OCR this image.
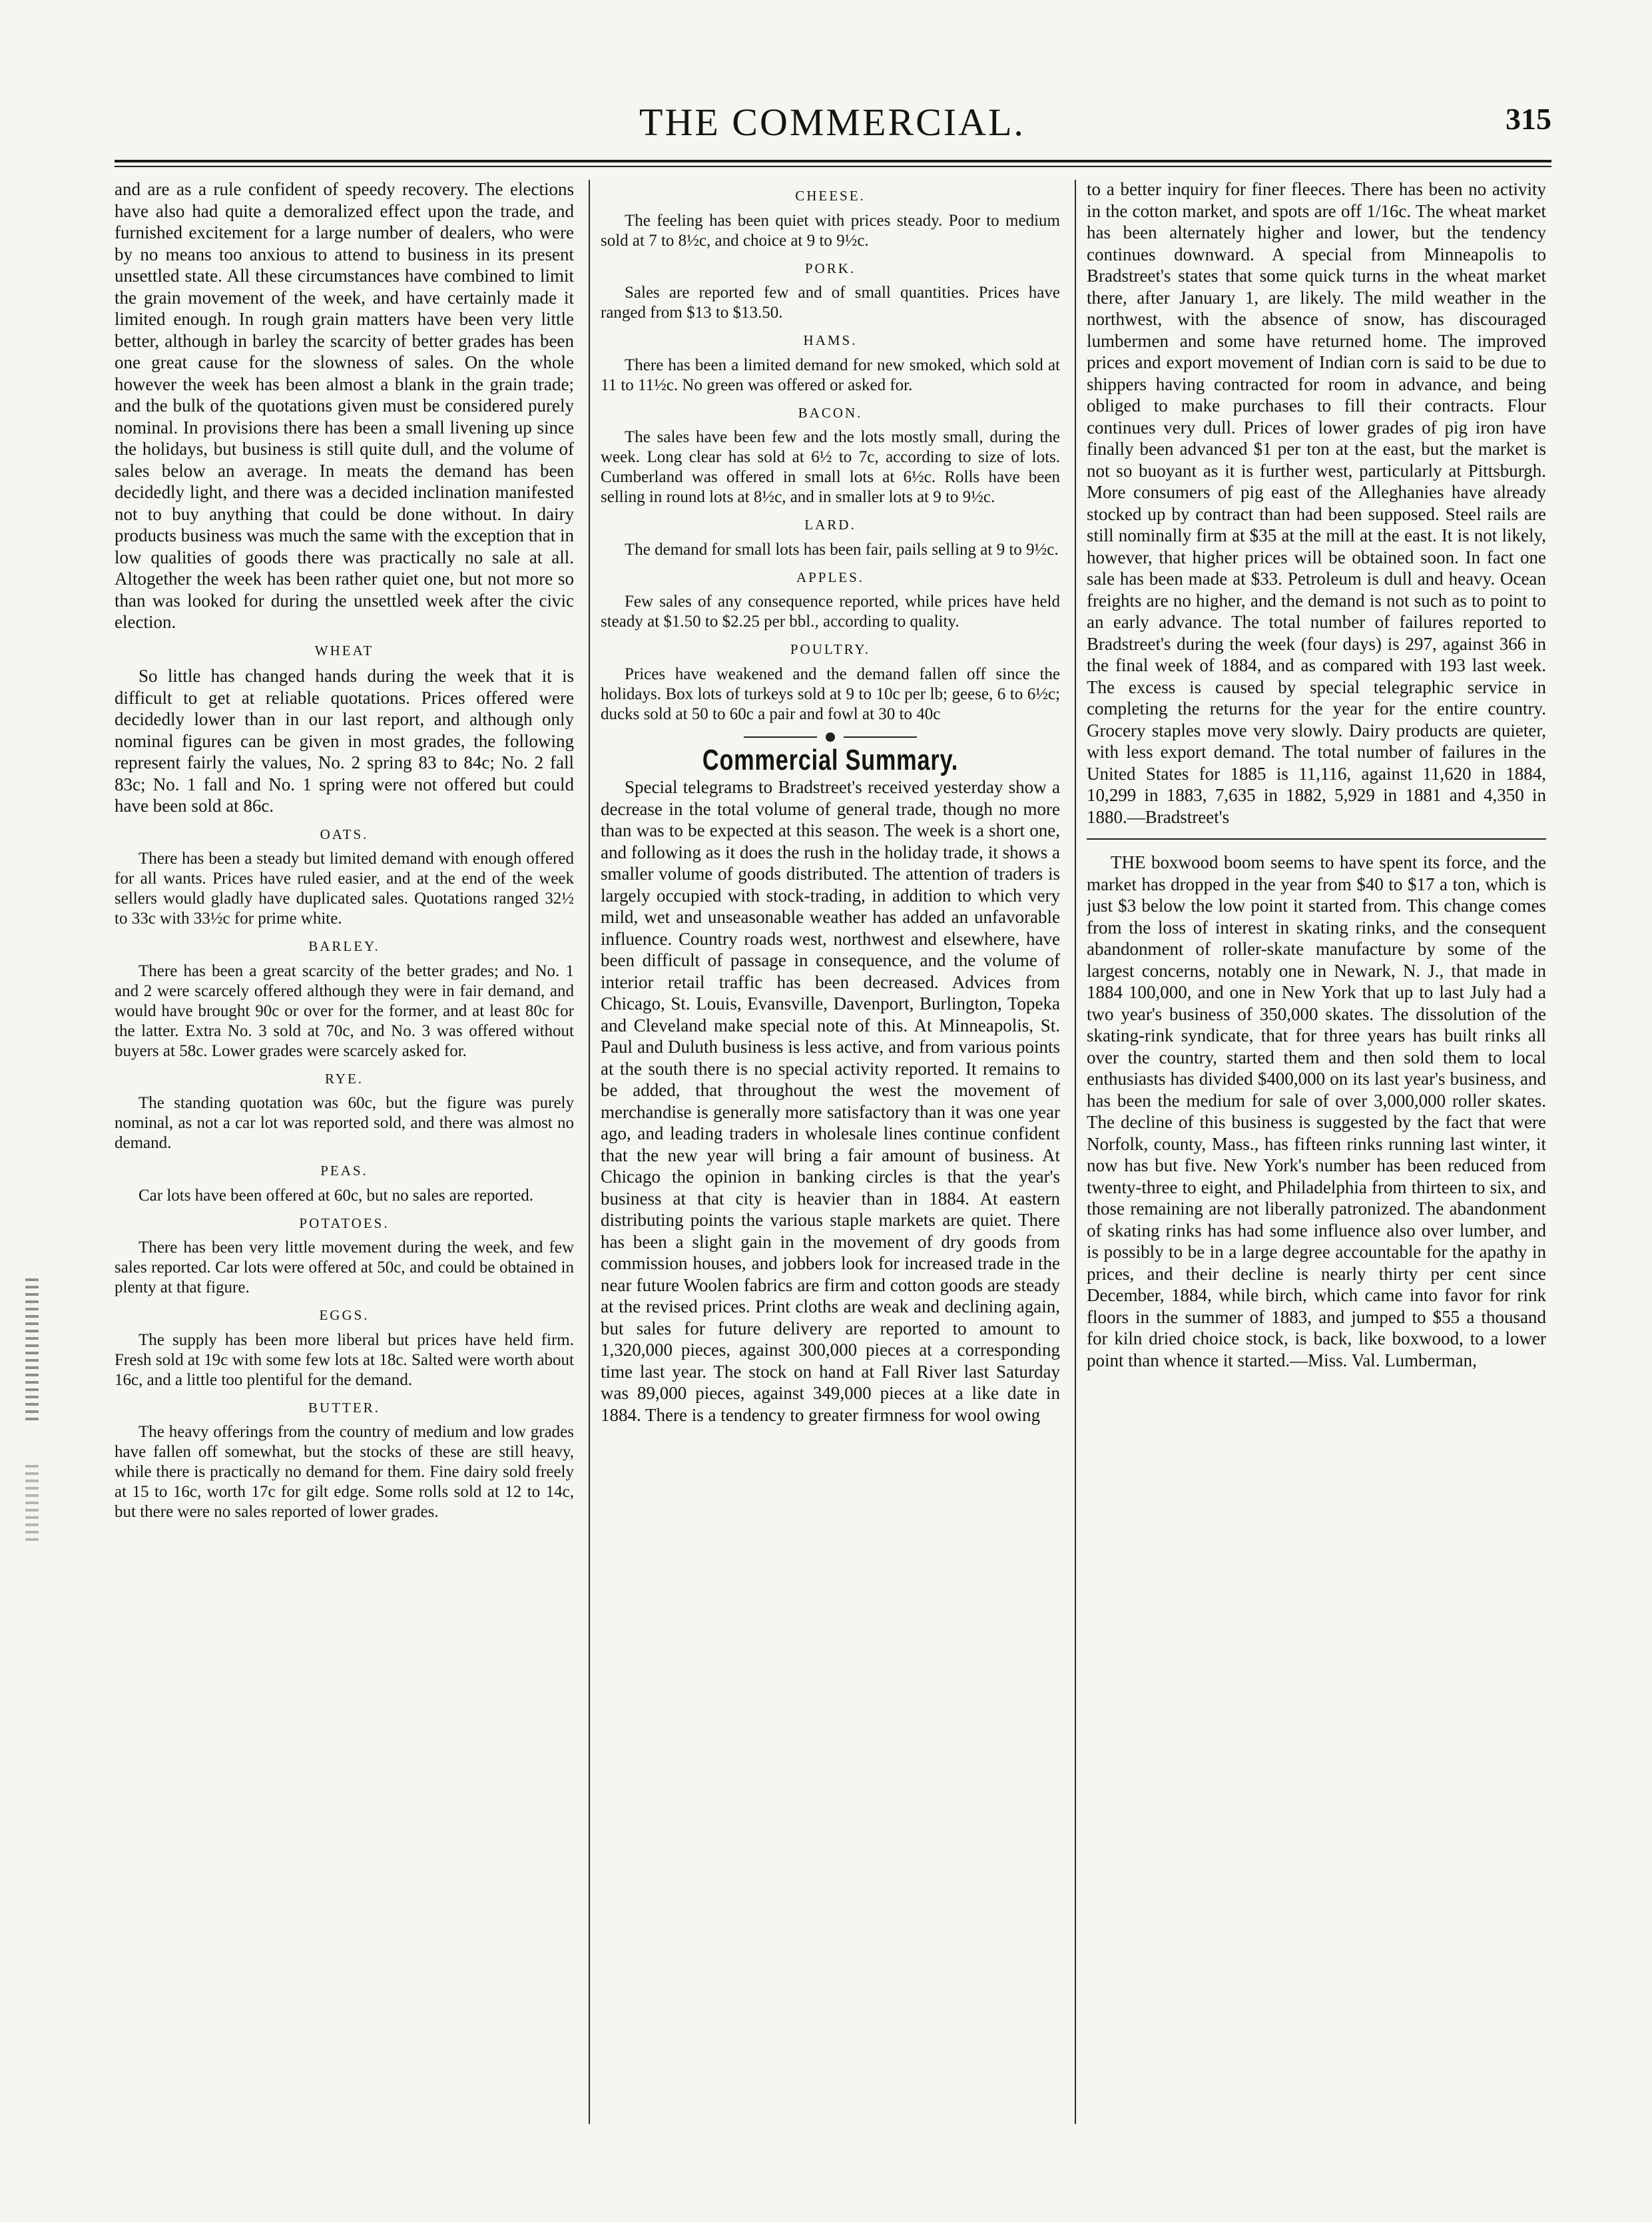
THE COMMERCIAL.	315

and are as a rule confident of speedy recovery. The elections have also had quite a demoralized effect upon the trade, and furnished excitement for a large number of dealers, who were by no means too anxious to attend to business in its present unsettled state. All these circumstances have combined to limit the grain movement of the week, and have certainly made it limited enough. In rough grain matters have been very little better, although in barley the scarcity of better grades has been one great cause for the slowness of sales. On the whole however the week has been almost a blank in the grain trade; and the bulk of the quotations given must be considered purely nominal. In provisions there has been a small livening up since the holidays, but business is still quite dull, and the volume of sales below an average. In meats the demand has been decidedly light, and there was a decided inclination manifested not to buy anything that could be done without. In dairy products business was much the same with the exception that in low qualities of goods there was practically no sale at all. Altogether the week has been rather quiet one, but not more so than was looked for during the unsettled week after the civic election.

WHEAT

So little has changed hands during the week that it is difficult to get at reliable quotations. Prices offered were decidedly lower than in our last report, and although only nominal figures can be given in most grades, the following represent fairly the values, No. 2 spring 83 to 84c; No. 2 fall 83c; No. 1 fall and No. 1 spring were not offered but could have been sold at 86c.

OATS.

There has been a steady but limited demand with enough offered for all wants. Prices have ruled easier, and at the end of the week sellers would gladly have duplicated sales. Quotations ranged 32½ to 33c with 33½c for prime white.

BARLEY.

There has been a great scarcity of the better grades; and No. 1 and 2 were scarcely offered although they were in fair demand, and would have brought 90c or over for the former, and at least 80c for the latter. Extra No. 3 sold at 70c, and No. 3 was offered without buyers at 58c. Lower grades were scarcely asked for.

RYE.

The standing quotation was 60c, but the figure was purely nominal, as not a car lot was reported sold, and there was almost no demand.

PEAS.

Car lots have been offered at 60c, but no sales are reported.

POTATOES.

There has been very little movement during the week, and few sales reported. Car lots were offered at 50c, and could be obtained in plenty at that figure.

EGGS.

The supply has been more liberal but prices have held firm. Fresh sold at 19c with some few lots at 18c. Salted were worth about 16c, and a little too plentiful for the demand.

BUTTER.

The heavy offerings from the country of medium and low grades have fallen off somewhat, but the stocks of these are still heavy, while there is practically no demand for them. Fine dairy sold freely at 15 to 16c, worth 17c for gilt edge. Some rolls sold at 12 to 14c, but there were no sales reported of lower grades.

CHEESE.

The feeling has been quiet with prices steady. Poor to medium sold at 7 to 8½c, and choice at 9 to 9½c.

PORK.

Sales are reported few and of small quantities. Prices have ranged from $13 to $13.50.

HAMS.

There has been a limited demand for new smoked, which sold at 11 to 11½c. No green was offered or asked for.

BACON.

The sales have been few and the lots mostly small, during the week. Long clear has sold at 6½ to 7c, according to size of lots. Cumberland was offered in small lots at 6½c. Rolls have been selling in round lots at 8½c, and in smaller lots at 9 to 9½c.

LARD.

The demand for small lots has been fair, pails selling at 9 to 9½c.

APPLES.

Few sales of any consequence reported, while prices have held steady at $1.50 to $2.25 per bbl., according to quality.

POULTRY.

Prices have weakened and the demand fallen off since the holidays. Box lots of turkeys sold at 9 to 10c per lb; geese, 6 to 6½c; ducks sold at 50 to 60c a pair and fowl at 30 to 40c

Commercial Summary.

Special telegrams to Bradstreet's received yesterday show a decrease in the total volume of general trade, though no more than was to be expected at this season. The week is a short one, and following as it does the rush in the holiday trade, it shows a smaller volume of goods distributed. The attention of traders is largely occupied with stock-trading, in addition to which very mild, wet and unseasonable weather has added an unfavorable influence. Country roads west, northwest and elsewhere, have been difficult of passage in consequence, and the volume of interior retail traffic has been decreased. Advices from Chicago, St. Louis, Evansville, Davenport, Burlington, Topeka and Cleveland make special note of this. At Minneapolis, St. Paul and Duluth business is less active, and from various points at the south there is no special activity reported. It remains to be added, that throughout the west the movement of merchandise is generally more satisfactory than it was one year ago, and leading traders in wholesale lines continue confident that the new year will bring a fair amount of business. At Chicago the opinion in banking circles is that the year's business at that city is heavier than in 1884. At eastern distributing points the various staple markets are quiet. There has been a slight gain in the movement of dry goods from commission houses, and jobbers look for increased trade in the near future Woolen fabrics are firm and cotton goods are steady at the revised prices. Print cloths are weak and declining again, but sales for future delivery are reported to amount to 1,320,000 pieces, against 300,000 pieces at a corresponding time last year. The stock on hand at Fall River last Saturday was 89,000 pieces, against 349,000 pieces at a like date in 1884. There is a tendency to greater firmness for wool owing

to a better inquiry for finer fleeces. There has been no activity in the cotton market, and spots are off 1/16c. The wheat market has been alternately higher and lower, but the tendency continues downward. A special from Minneapolis to Bradstreet's states that some quick turns in the wheat market there, after January 1, are likely. The mild weather in the northwest, with the absence of snow, has discouraged lumbermen and some have returned home. The improved prices and export movement of Indian corn is said to be due to shippers having contracted for room in advance, and being obliged to make purchases to fill their contracts. Flour continues very dull. Prices of lower grades of pig iron have finally been advanced $1 per ton at the east, but the market is not so buoyant as it is further west, particularly at Pittsburgh. More consumers of pig east of the Alleghanies have already stocked up by contract than had been supposed. Steel rails are still nominally firm at $35 at the mill at the east. It is not likely, however, that higher prices will be obtained soon. In fact one sale has been made at $33. Petroleum is dull and heavy. Ocean freights are no higher, and the demand is not such as to point to an early advance. The total number of failures reported to Bradstreet's during the week (four days) is 297, against 366 in the final week of 1884, and as compared with 193 last week. The excess is caused by special telegraphic service in completing the returns for the year for the entire country. Grocery staples move very slowly. Dairy products are quieter, with less export demand. The total number of failures in the United States for 1885 is 11,116, against 11,620 in 1884, 10,299 in 1883, 7,635 in 1882, 5,929 in 1881 and 4,350 in 1880.—Bradstreet's

THE boxwood boom seems to have spent its force, and the market has dropped in the year from $40 to $17 a ton, which is just $3 below the low point it started from. This change comes from the loss of interest in skating rinks, and the consequent abandonment of roller-skate manufacture by some of the largest concerns, notably one in Newark, N. J., that made in 1884 100,000, and one in New York that up to last July had a two year's business of 350,000 skates. The dissolution of the skating-rink syndicate, that for three years has built rinks all over the country, started them and then sold them to local enthusiasts has divided $400,000 on its last year's business, and has been the medium for sale of over 3,000,000 roller skates. The decline of this business is suggested by the fact that were Norfolk, county, Mass., has fifteen rinks running last winter, it now has but five. New York's number has been reduced from twenty-three to eight, and Philadelphia from thirteen to six, and those remaining are not liberally patronized. The abandonment of skating rinks has had some influence also over lumber, and is possibly to be in a large degree accountable for the apathy in prices, and their decline is nearly thirty per cent since December, 1884, while birch, which came into favor for rink floors in the summer of 1883, and jumped to $55 a thousand for kiln dried choice stock, is back, like boxwood, to a lower point than whence it started.—Miss. Val. Lumberman,
